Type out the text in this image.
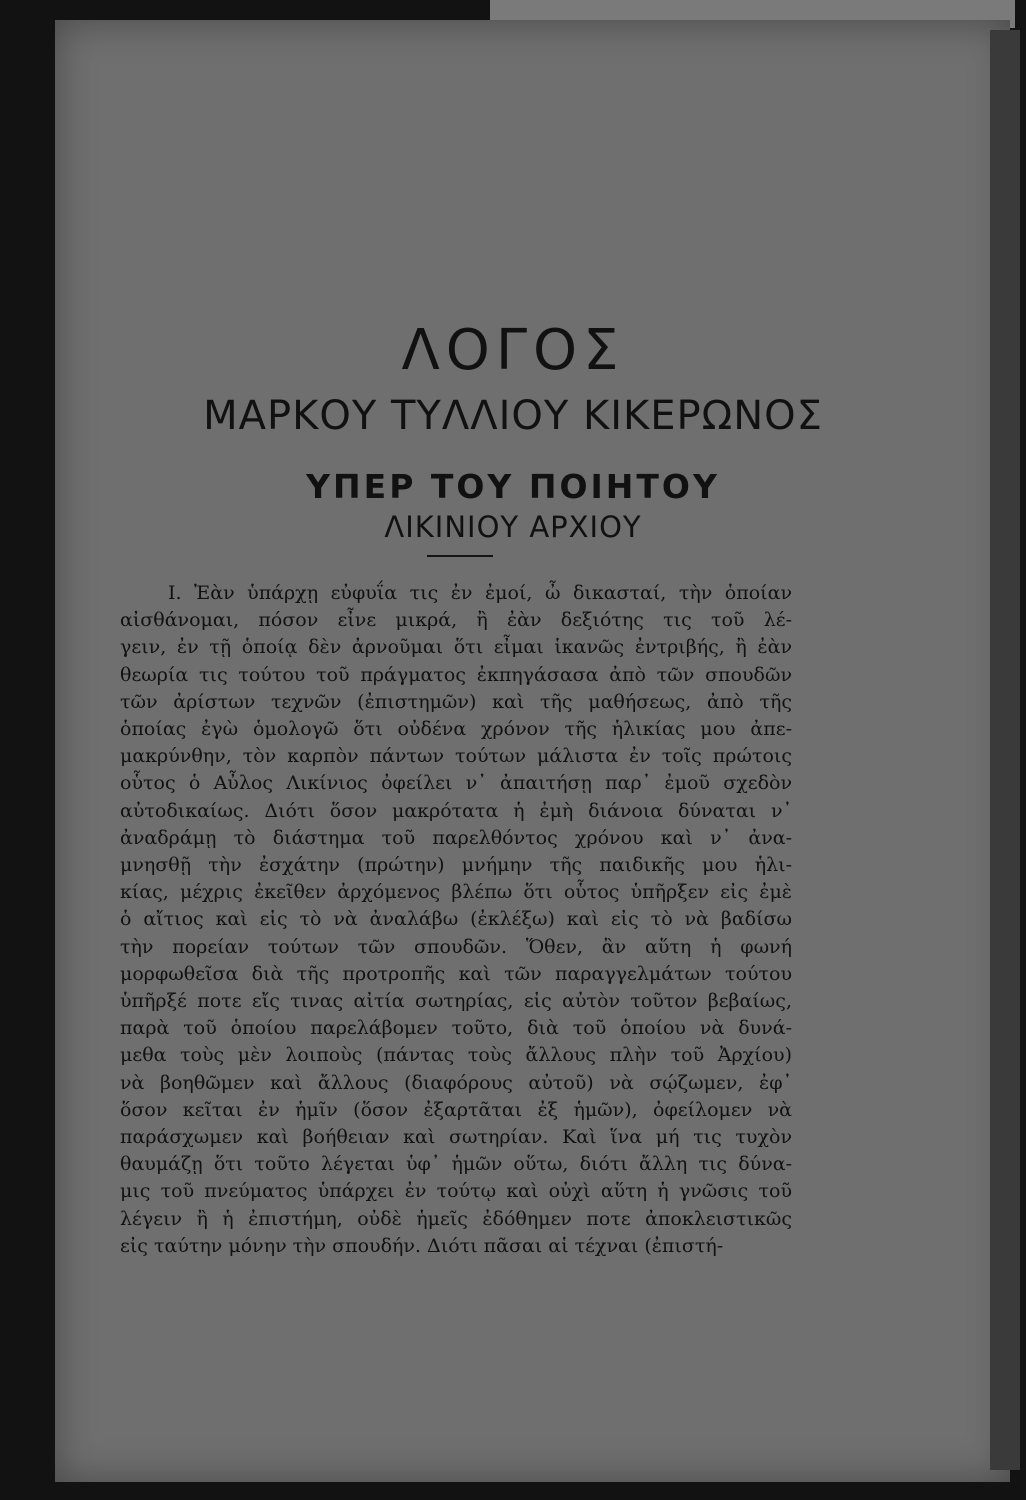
ΛΟΓΟΣ
ΜΑΡΚΟΥ ΤΥΛΛΙΟΥ ΚΙΚΕΡΩΝΟΣ
ΥΠΕΡ ΤΟΥ ΠΟΙΗΤΟΥ
ΛΙΚΙΝΙΟΥ ΑΡΧΙΟΥ
Ι. Ἐὰν ὑπάρχῃ εὐφυΐα τις ἐν ἐμοί, ὦ δικασταί, τὴν ὁποίαν
αἰσθάνομαι, πόσον εἶνε μικρά, ἢ ἐὰν δεξιότης τις τοῦ λέ-
γειν, ἐν τῇ ὁποίᾳ δὲν ἀρνοῦμαι ὅτι εἶμαι ἱκανῶς ἐντριβής, ἢ ἐὰν
θεωρία τις τούτου τοῦ πράγματος ἐκπηγάσασα ἀπὸ τῶν σπουδῶν
τῶν ἀρίστων τεχνῶν (ἐπιστημῶν) καὶ τῆς μαθήσεως, ἀπὸ τῆς
ὁποίας ἐγὼ ὁμολογῶ ὅτι οὐδένα χρόνον τῆς ἡλικίας μου ἀπε-
μακρύνθην, τὸν καρπὸν πάντων τούτων μάλιστα ἐν τοῖς πρώτοις
οὗτος ὁ Αὖλος Λικίνιος ὀφείλει ν᾽ ἀπαιτήσῃ παρ᾽ ἐμοῦ σχεδὸν
αὐτοδικαίως. Διότι ὅσον μακρότατα ἡ ἐμὴ διάνοια δύναται ν᾽
ἀναδράμῃ τὸ διάστημα τοῦ παρελθόντος χρόνου καὶ ν᾽ ἀνα-
μνησθῇ τὴν ἐσχάτην (πρώτην) μνήμην τῆς παιδικῆς μου ἡλι-
κίας, μέχρις ἐκεῖθεν ἀρχόμενος βλέπω ὅτι οὗτος ὑπῆρξεν εἰς ἐμὲ
ὁ αἴτιος καὶ εἰς τὸ νὰ ἀναλάβω (ἐκλέξω) καὶ εἰς τὸ νὰ βαδίσω
τὴν πορείαν τούτων τῶν σπουδῶν. Ὅθεν, ἂν αὕτη ἡ φωνή
μορφωθεῖσα διὰ τῆς προτροπῆς καὶ τῶν παραγγελμάτων τούτου
ὑπῆρξέ ποτε εἴς τινας αἰτία σωτηρίας, εἰς αὐτὸν τοῦτον βεβαίως,
παρὰ τοῦ ὁποίου παρελάβομεν τοῦτο, διὰ τοῦ ὁποίου νὰ δυνά-
μεθα τοὺς μὲν λοιποὺς (πάντας τοὺς ἄλλους πλὴν τοῦ Ἀρχίου)
νὰ βοηθῶμεν καὶ ἄλλους (διαφόρους αὐτοῦ) νὰ σῴζωμεν, ἐφ᾽
ὅσον κεῖται ἐν ἡμῖν (ὅσον ἐξαρτᾶται ἐξ ἡμῶν), ὀφείλομεν νὰ
παράσχωμεν καὶ βοήθειαν καὶ σωτηρίαν. Καὶ ἵνα μή τις τυχὸν
θαυμάζῃ ὅτι τοῦτο λέγεται ὑφ᾽ ἡμῶν οὕτω, διότι ἄλλη τις δύνα-
μις τοῦ πνεύματος ὑπάρχει ἐν τούτῳ καὶ οὐχὶ αὕτη ἡ γνῶσις τοῦ
λέγειν ἢ ἡ ἐπιστήμη, οὐδὲ ἡμεῖς ἐδόθημεν ποτε ἀποκλειστικῶς
εἰς ταύτην μόνην τὴν σπουδήν. Διότι πᾶσαι αἱ τέχναι (ἐπιστή-
